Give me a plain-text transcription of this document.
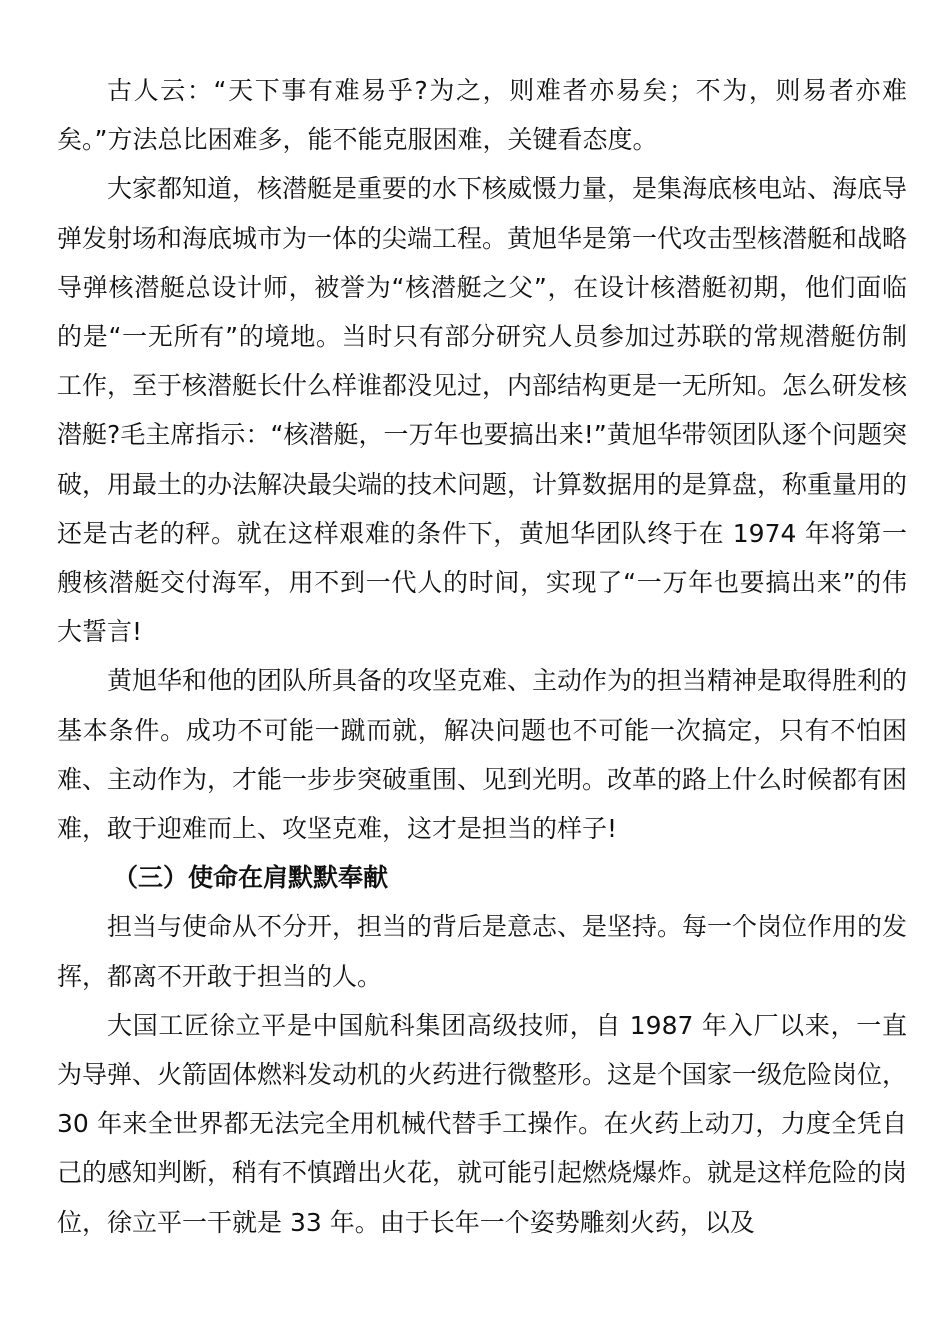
古人云：“天下事有难易乎?为之，则难者亦易矣；不为，则易者亦难矣。”方法总比困难多，能不能克服困难，关键看态度。

大家都知道，核潜艇是重要的水下核威慑力量，是集海底核电站、海底导弹发射场和海底城市为一体的尖端工程。黄旭华是第一代攻击型核潜艇和战略导弹核潜艇总设计师，被誉为“核潜艇之父”，在设计核潜艇初期，他们面临的是“一无所有”的境地。当时只有部分研究人员参加过苏联的常规潜艇仿制工作，至于核潜艇长什么样谁都没见过，内部结构更是一无所知。怎么研发核潜艇?毛主席指示：“核潜艇，一万年也要搞出来!”黄旭华带领团队逐个问题突破，用最土的办法解决最尖端的技术问题，计算数据用的是算盘，称重量用的还是古老的秤。就在这样艰难的条件下，黄旭华团队终于在 1974 年将第一艘核潜艇交付海军，用不到一代人的时间，实现了“一万年也要搞出来”的伟大誓言!

黄旭华和他的团队所具备的攻坚克难、主动作为的担当精神是取得胜利的基本条件。成功不可能一蹴而就，解决问题也不可能一次搞定，只有不怕困难、主动作为，才能一步步突破重围、见到光明。改革的路上什么时候都有困难，敢于迎难而上、攻坚克难，这才是担当的样子!

（三）使命在肩默默奉献

担当与使命从不分开，担当的背后是意志、是坚持。每一个岗位作用的发挥，都离不开敢于担当的人。

大国工匠徐立平是中国航科集团高级技师，自 1987 年入厂以来，一直为导弹、火箭固体燃料发动机的火药进行微整形。这是个国家一级危险岗位，30 年来全世界都无法完全用机械代替手工操作。在火药上动刀，力度全凭自己的感知判断，稍有不慎蹭出火花，就可能引起燃烧爆炸。就是这样危险的岗位，徐立平一干就是 33 年。由于长年一个姿势雕刻火药，以及
